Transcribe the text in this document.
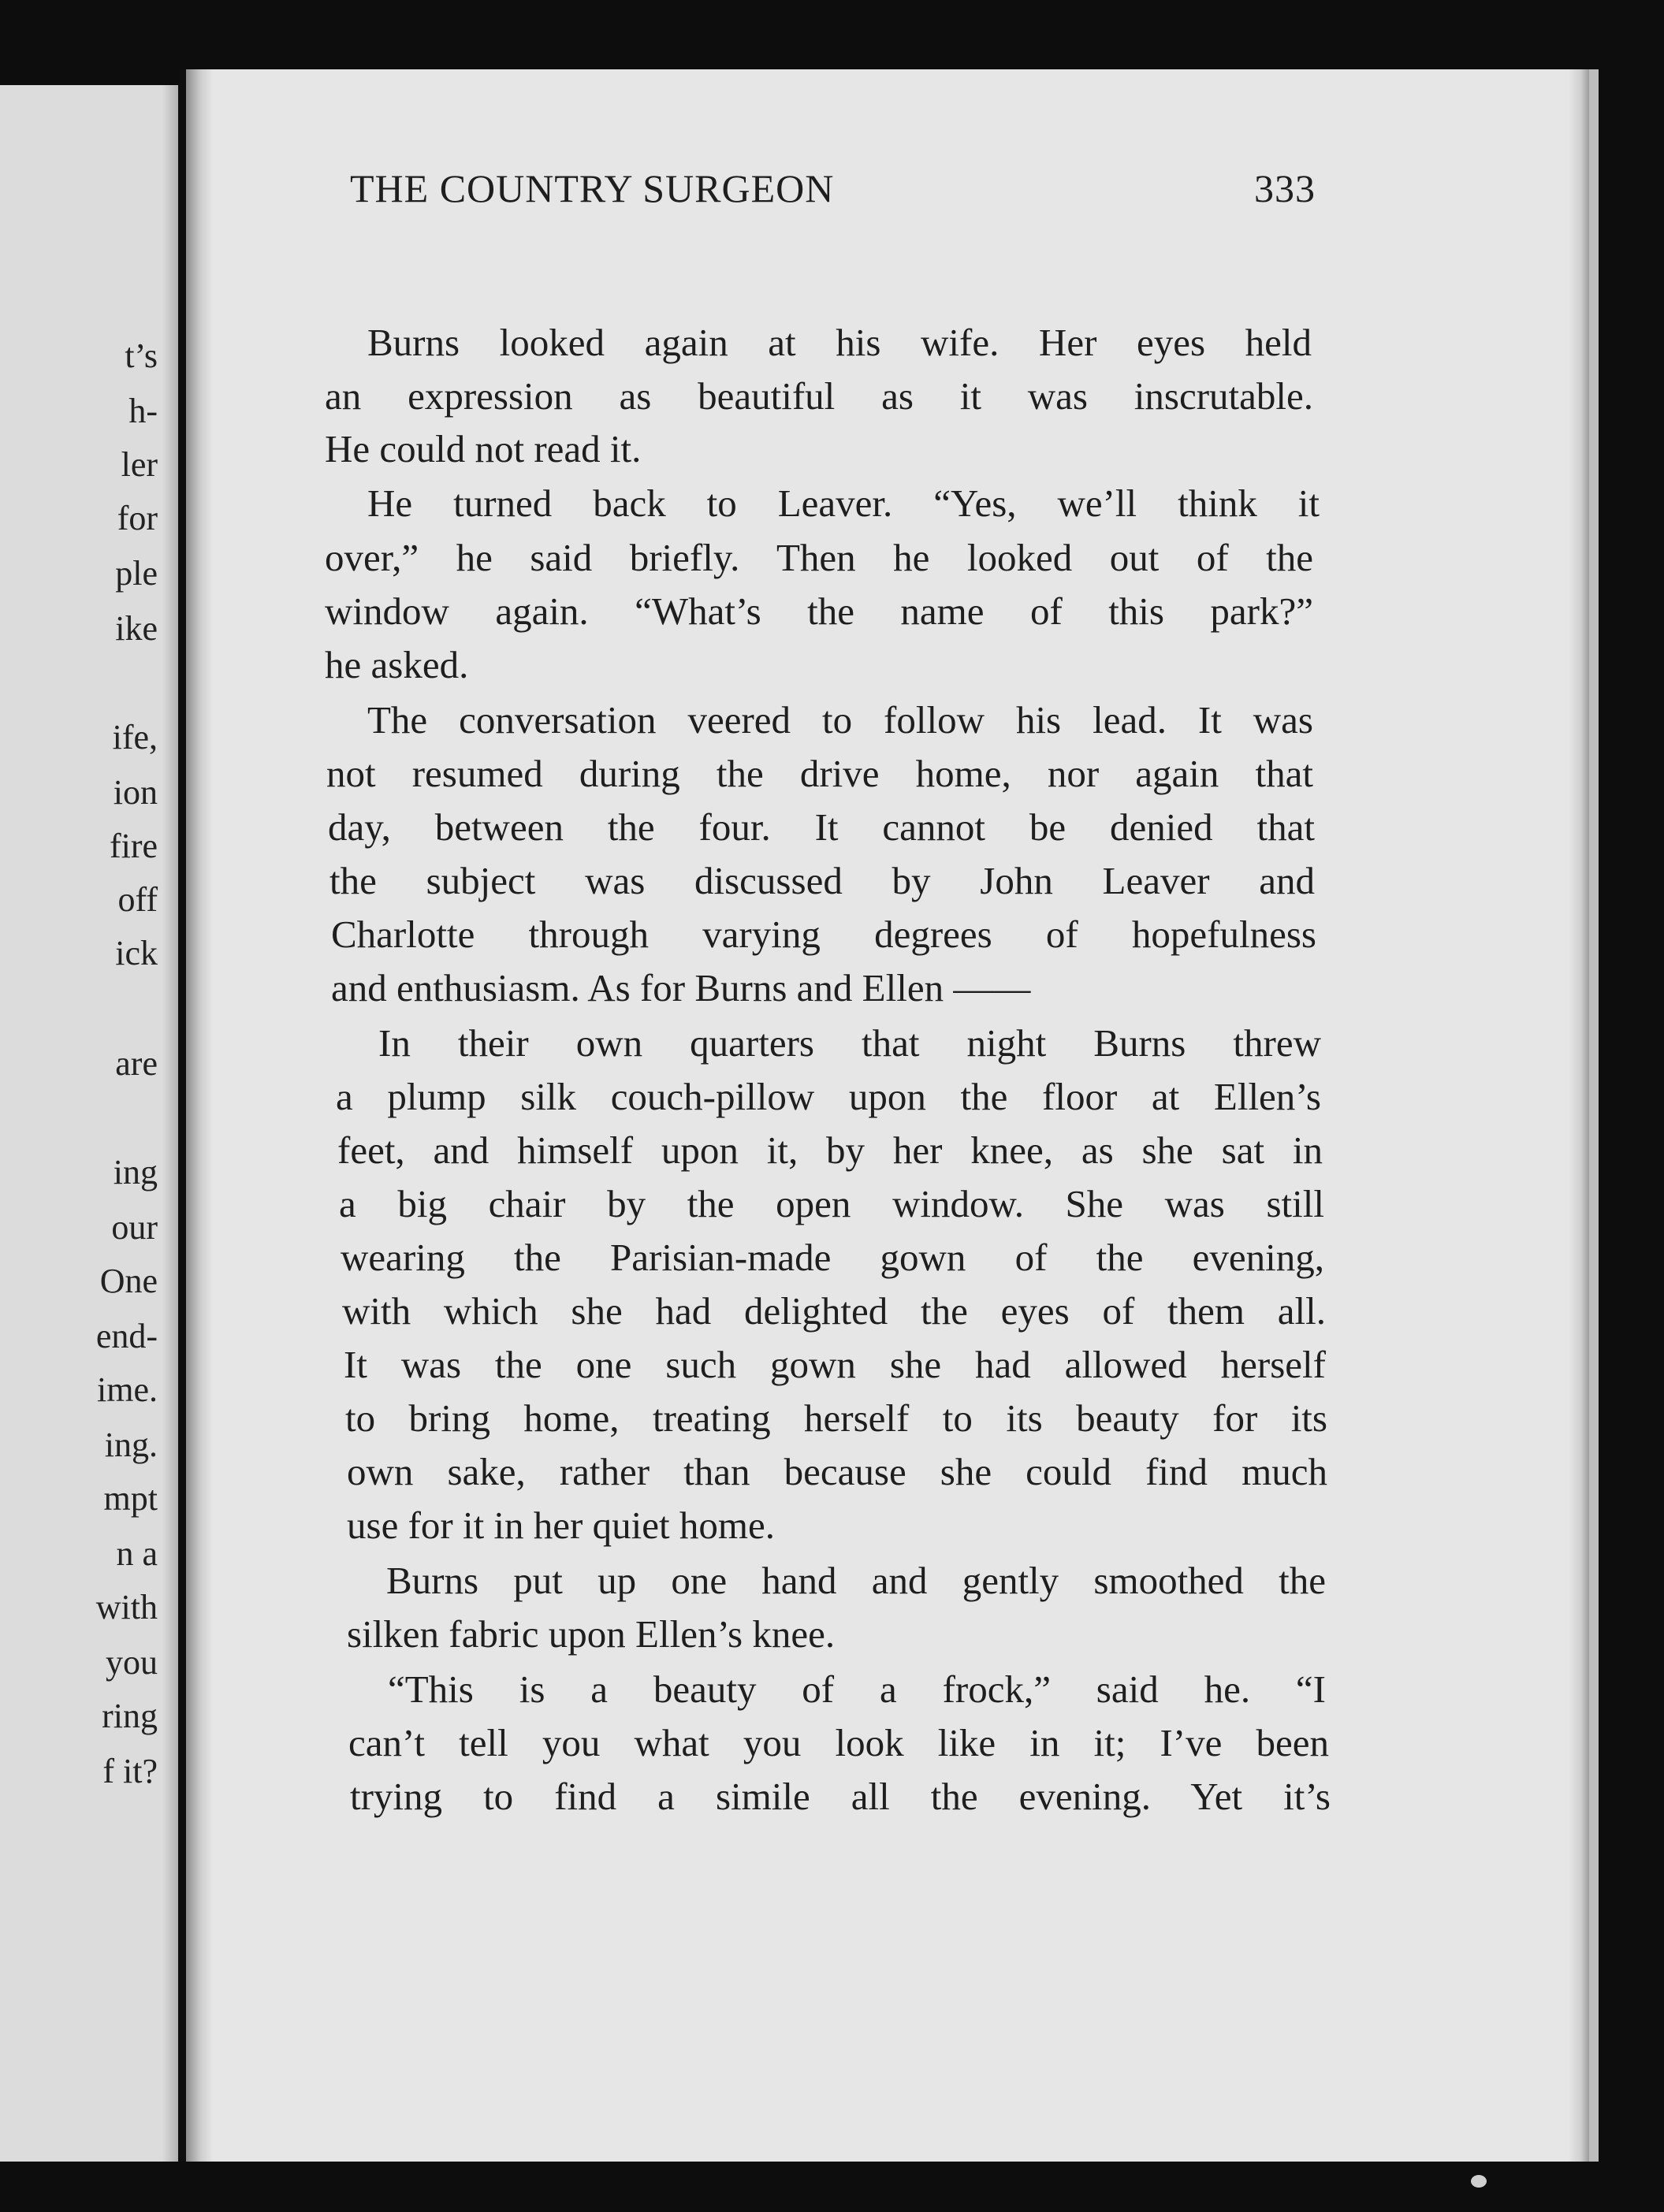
t’s
h-
ler
for
ple
ike
ife,
ion
fire
off
ick
are
ing
our
One
end-
ime.
ing.
mpt
n a
with
you
ring
f it?
THE COUNTRY SURGEON	333
Burns looked again at his wife. Her eyes held
an expression as beautiful as it was inscrutable.
He could not read it.
He turned back to Leaver. “Yes, we’ll think it
over,” he said briefly. Then he looked out of the
window again. “What’s the name of this park?”
he asked.
The conversation veered to follow his lead. It was
not resumed during the drive home, nor again that
day, between the four. It cannot be denied that
the subject was discussed by John Leaver and
Charlotte through varying degrees of hopefulness
and enthusiasm. As for Burns and Ellen ——
In their own quarters that night Burns threw
a plump silk couch-pillow upon the floor at Ellen’s
feet, and himself upon it, by her knee, as she sat in
a big chair by the open window. She was still
wearing the Parisian-made gown of the evening,
with which she had delighted the eyes of them all.
It was the one such gown she had allowed herself
to bring home, treating herself to its beauty for its
own sake, rather than because she could find much
use for it in her quiet home.
Burns put up one hand and gently smoothed the
silken fabric upon Ellen’s knee.
“This is a beauty of a frock,” said he. “I
can’t tell you what you look like in it; I’ve been
trying to find a simile all the evening. Yet it’s
